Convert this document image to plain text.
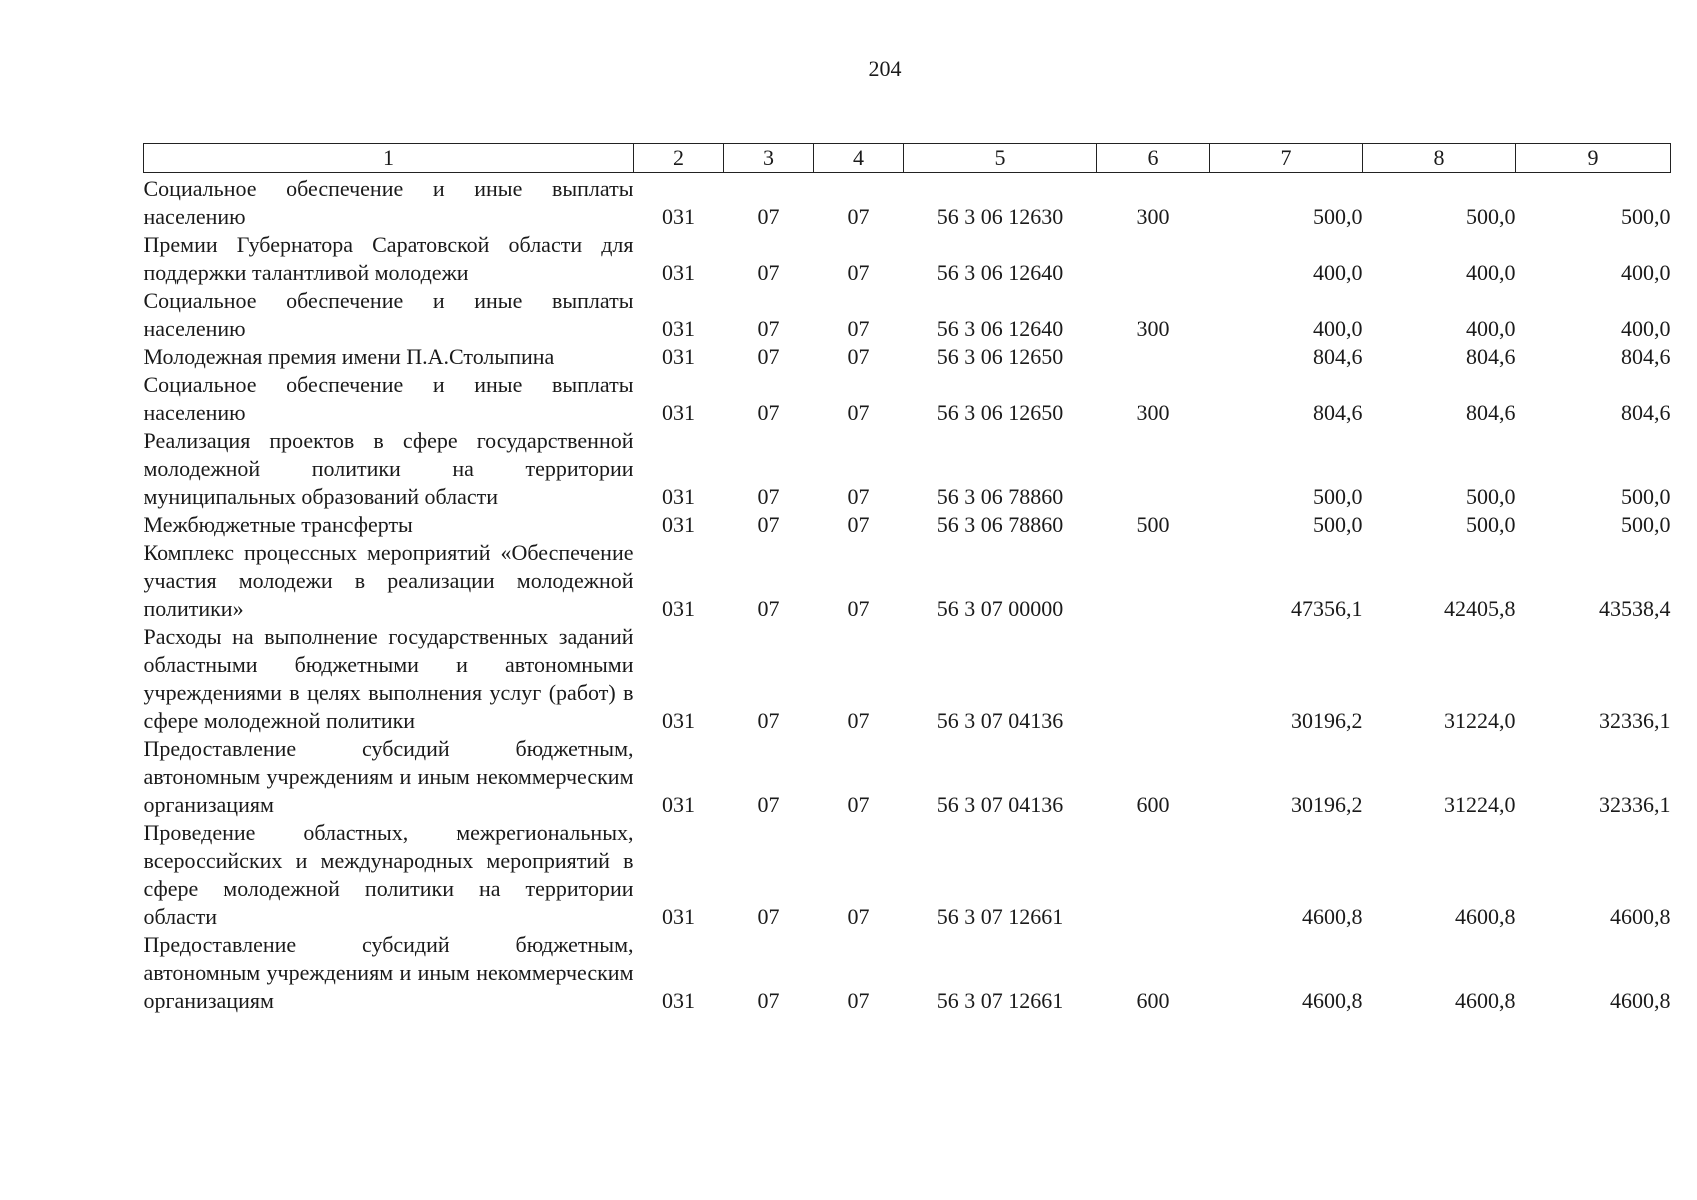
204
1	2	3	4	5	6	7	8	9
Социальное обеспечение и иные выплаты населению	031	07	07	56 3 06 12630	300	500,0	500,0	500,0
Премии Губернатора Саратовской области для поддержки талантливой молодежи	031	07	07	56 3 06 12640		400,0	400,0	400,0
Социальное обеспечение и иные выплаты населению	031	07	07	56 3 06 12640	300	400,0	400,0	400,0
Молодежная премия имени П.А.Столыпина	031	07	07	56 3 06 12650		804,6	804,6	804,6
Социальное обеспечение и иные выплаты населению	031	07	07	56 3 06 12650	300	804,6	804,6	804,6
Реализация проектов в сфере государственной молодежной политики на территории муниципальных образований области	031	07	07	56 3 06 78860		500,0	500,0	500,0
Межбюджетные трансферты	031	07	07	56 3 06 78860	500	500,0	500,0	500,0
Комплекс процессных мероприятий «Обеспечение участия молодежи в реализации молодежной политики»	031	07	07	56 3 07 00000		47356,1	42405,8	43538,4
Расходы на выполнение государственных заданий областными бюджетными и автономными учреждениями в целях выполнения услуг (работ) в сфере молодежной политики	031	07	07	56 3 07 04136		30196,2	31224,0	32336,1
Предоставление субсидий бюджетным, автономным учреждениям и иным некоммерческим организациям	031	07	07	56 3 07 04136	600	30196,2	31224,0	32336,1
Проведение областных, межрегиональных, всероссийских и международных мероприятий в сфере молодежной политики на территории области	031	07	07	56 3 07 12661		4600,8	4600,8	4600,8
Предоставление субсидий бюджетным, автономным учреждениям и иным некоммерческим организациям	031	07	07	56 3 07 12661	600	4600,8	4600,8	4600,8
